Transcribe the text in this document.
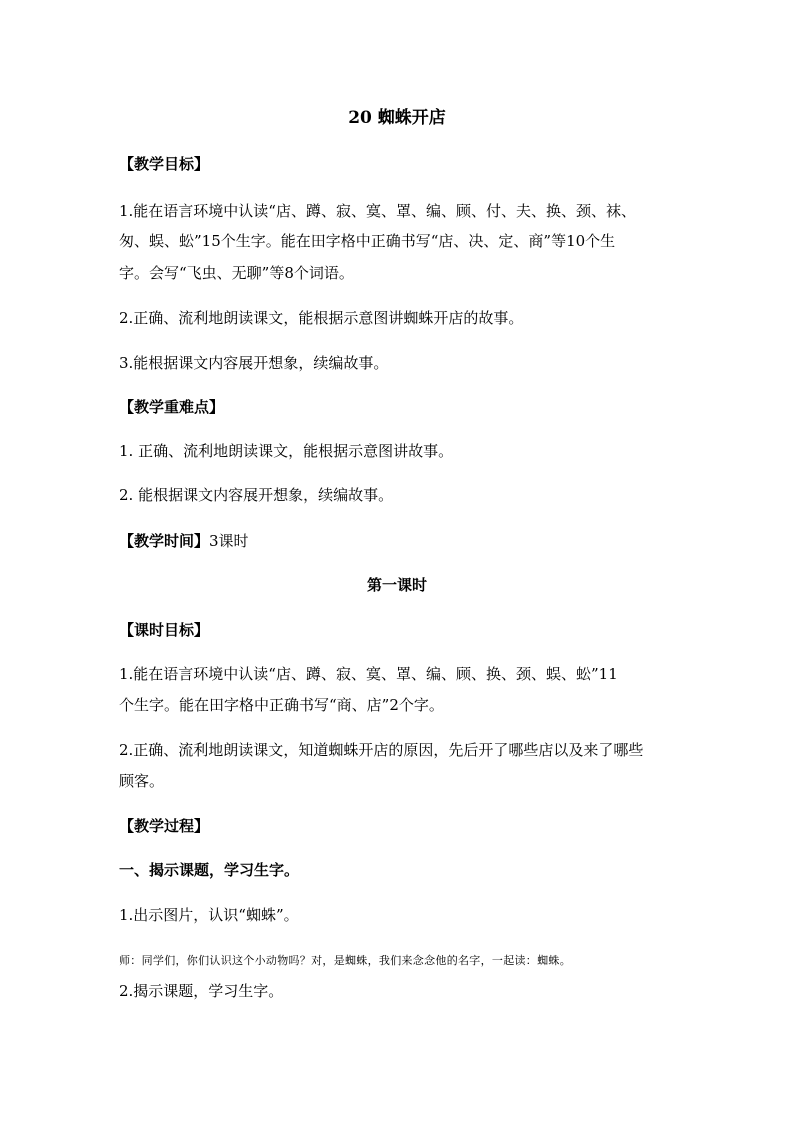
20 蜘蛛开店
【教学目标】
1.能在语言环境中认读“店、蹲、寂、寞、罩、编、顾、付、夫、换、颈、袜、
匆、蜈、蚣”15个生字。能在田字格中正确书写“店、决、定、商”等10个生
字。会写“飞虫、无聊”等8个词语。
2.正确、流利地朗读课文，能根据示意图讲蜘蛛开店的故事。
3.能根据课文内容展开想象，续编故事。
【教学重难点】
1. 正确、流利地朗读课文，能根据示意图讲故事。
2. 能根据课文内容展开想象，续编故事。
【教学时间】3课时
第一课时
【课时目标】
1.能在语言环境中认读“店、蹲、寂、寞、罩、编、顾、换、颈、蜈、蚣”11
个生字。能在田字格中正确书写“商、店”2个字。
2.正确、流利地朗读课文，知道蜘蛛开店的原因，先后开了哪些店以及来了哪些
顾客。
【教学过程】
一、揭示课题，学习生字。
1.出示图片，认识“蜘蛛”。
师：同学们，你们认识这个小动物吗？对，是蜘蛛，我们来念念他的名字，一起读：蜘蛛。
2.揭示课题，学习生字。
